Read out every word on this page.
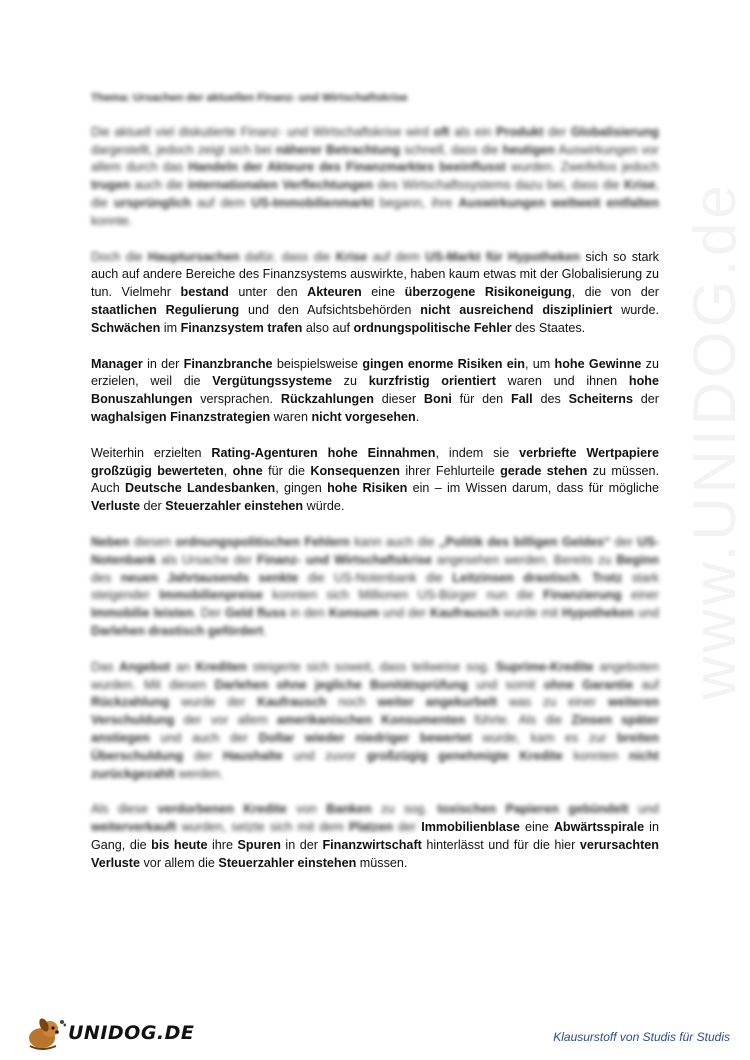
www.UNIDOG.de
Thema: Ursachen der aktuellen Finanz- und Wirtschaftskrise

Die aktuell viel diskutierte Finanz- und Wirtschaftskrise wird oft als ein Produkt der Globalisierung dargestellt, jedoch zeigt sich bei näherer Betrachtung schnell, dass die heutigen Auswirkungen vor allem durch das Handeln der Akteure des Finanzmarktes beeinflusst wurden. Zweifellos jedoch trugen auch die internationalen Verflechtungen des Wirtschaftssystems dazu bei, dass die Krise, die ursprünglich auf dem US-Immobilienmarkt begann, ihre Auswirkungen weltweit entfalten konnte.

Doch die Hauptursachen dafür, dass die Krise auf dem US-Markt für Hypotheken sich so stark auch auf andere Bereiche des Finanzsystems auswirkte, haben kaum etwas mit der Globalisierung zu tun. Vielmehr bestand unter den Akteuren eine überzogene Risikoneigung, die von der staatlichen Regulierung und den Aufsichtsbehörden nicht ausreichend diszipliniert wurde. Schwächen im Finanzsystem trafen also auf ordnungspolitische Fehler des Staates.

Manager in der Finanzbranche beispielsweise gingen enorme Risiken ein, um hohe Gewinne zu erzielen, weil die Vergütungssysteme zu kurzfristig orientiert waren und ihnen hohe Bonuszahlungen versprachen. Rückzahlungen dieser Boni für den Fall des Scheiterns der waghalsigen Finanzstrategien waren nicht vorgesehen.

Weiterhin erzielten Rating-Agenturen hohe Einnahmen, indem sie verbriefte Wertpapiere großzügig bewerteten, ohne für die Konsequenzen ihrer Fehlurteile gerade stehen zu müssen. Auch Deutsche Landesbanken, gingen hohe Risiken ein – im Wissen darum, dass für mögliche Verluste der Steuerzahler einstehen würde.

Neben diesen ordnungspolitischen Fehlern kann auch die „Politik des billigen Geldes“ der US-Notenbank als Ursache der Finanz- und Wirtschaftskrise angesehen werden. Bereits zu Beginn des neuen Jahrtausends senkte die US-Notenbank die Leitzinsen drastisch. Trotz stark steigender Immobilienpreise konnten sich Millionen US-Bürger nun die Finanzierung einer Immobilie leisten. Der Geld fluss in den Konsum und der Kaufrausch wurde mit Hypotheken und Darlehen drastisch gefördert.

Das Angebot an Krediten steigerte sich soweit, dass teilweise sog. Suprime-Kredite angeboten wurden. Mit diesen Darlehen ohne jegliche Bonitätsprüfung und somit ohne Garantie auf Rückzahlung wurde der Kaufrausch noch weiter angekurbelt was zu einer weiteren Verschuldung der vor allem amerikanischen Konsumenten führte. Als die Zinsen später anstiegen und auch der Dollar wieder niedriger bewertet wurde, kam es zur breiten Überschuldung der Haushalte und zuvor großzügig genehmigte Kredite konnten nicht zurückgezahlt werden.

Als diese verdorbenen Kredite von Banken zu sog. toxischen Papieren gebündelt und weiterverkauft wurden, setzte sich mit dem Platzen der Immobilienblase eine Abwärtsspirale in Gang, die bis heute ihre Spuren in der Finanzwirtschaft hinterlässt und für die hier verursachten Verluste vor allem die Steuerzahler einstehen müssen.

UNIDOG.DE	Klausurstoff von Studis für Studis
